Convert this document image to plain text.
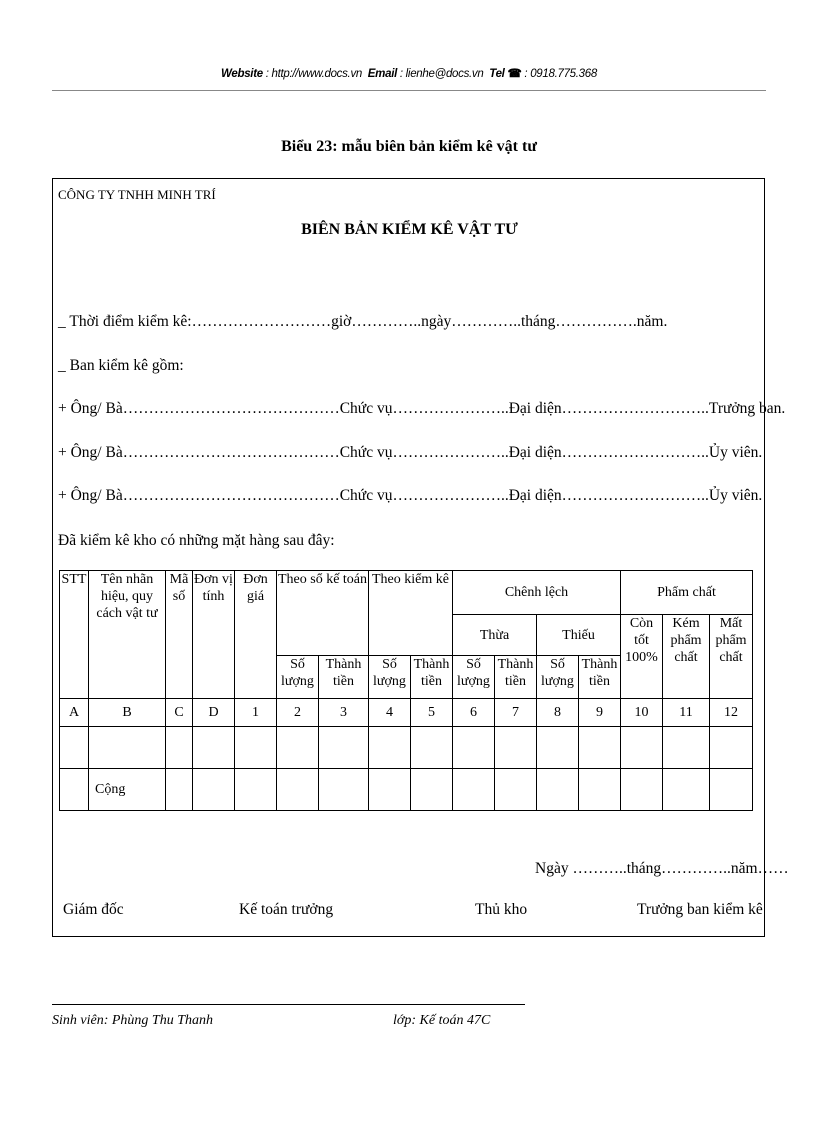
Website : http://www.docs.vn Email : lienhe@docs.vn Tel ☎ : 0918.775.368
Biểu 23: mẫu biên bản kiểm kê vật tư
CÔNG TY TNHH MINH TRÍ
BIÊN BẢN KIỂM KÊ VẬT TƯ
_ Thời điểm kiểm kê:………………………giờ…………..ngày…………..tháng…………….năm.
_ Ban kiểm kê gồm:
+ Ông/ Bà……………………………………Chức vụ…………………..Đại diện………………………..Trưởng ban.
+ Ông/ Bà……………………………………Chức vụ…………………..Đại diện………………………..Ủy viên.
+ Ông/ Bà……………………………………Chức vụ…………………..Đại diện………………………..Ủy viên.
Đã kiểm kê kho có những mặt hàng sau đây:
STT	Tên nhãn hiệu, quy cách vật tư	Mã số	Đơn vị tính	Đơn giá	Theo sổ kế toán		Theo kiểm kê		Chênh lệch				Phẩm chất		
									Thừa		Thiếu		Còn tốt 100%	Kém phẩm chất	Mất phẩm chất
					Số lượng	Thành tiền	Số lượng	Thành tiền	Số lượng	Thành tiền	Số lượng	Thành tiền			
A	B	C	D	1	2	3	4	5	6	7	8	9	10	11	12

	Cộng														
Ngày ………..tháng…………..năm……
Giám đốc	Kế toán trưởng	Thủ kho	Trưởng ban kiểm kê
Sinh viên: Phùng Thu Thanh	lớp: Kế toán 47C
